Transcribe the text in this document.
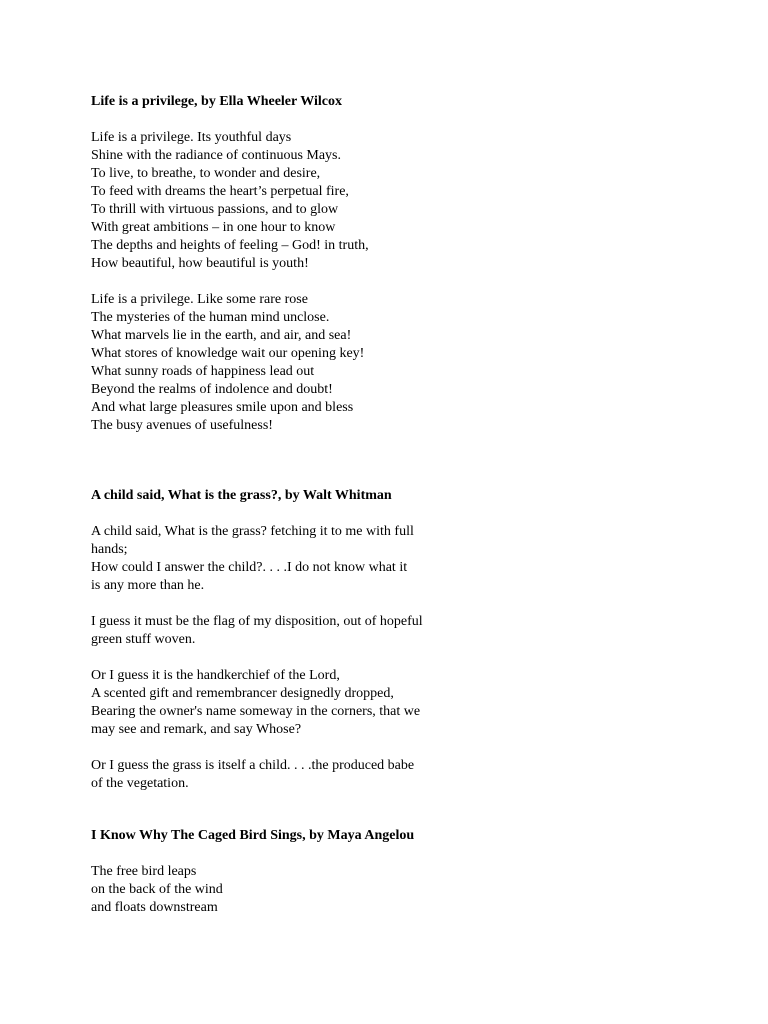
Life is a privilege, by Ella Wheeler Wilcox
Life is a privilege. Its youthful days
Shine with the radiance of continuous Mays.
To live, to breathe, to wonder and desire,
To feed with dreams the heart’s perpetual fire,
To thrill with virtuous passions, and to glow
With great ambitions – in one hour to know
The depths and heights of feeling – God! in truth,
How beautiful, how beautiful is youth!
Life is a privilege. Like some rare rose
The mysteries of the human mind unclose.
What marvels lie in the earth, and air, and sea!
What stores of knowledge wait our opening key!
What sunny roads of happiness lead out
Beyond the realms of indolence and doubt!
And what large pleasures smile upon and bless
The busy avenues of usefulness!
A child said, What is the grass?, by Walt Whitman
A child said, What is the grass? fetching it to me with full
hands;
How could I answer the child?. . . .I do not know what it
is any more than he.
I guess it must be the flag of my disposition, out of hopeful
green stuff woven.
Or I guess it is the handkerchief of the Lord,
A scented gift and remembrancer designedly dropped,
Bearing the owner's name someway in the corners, that we
may see and remark, and say Whose?
Or I guess the grass is itself a child. . . .the produced babe
of the vegetation.
I Know Why The Caged Bird Sings, by Maya Angelou
The free bird leaps
on the back of the wind
and floats downstream
